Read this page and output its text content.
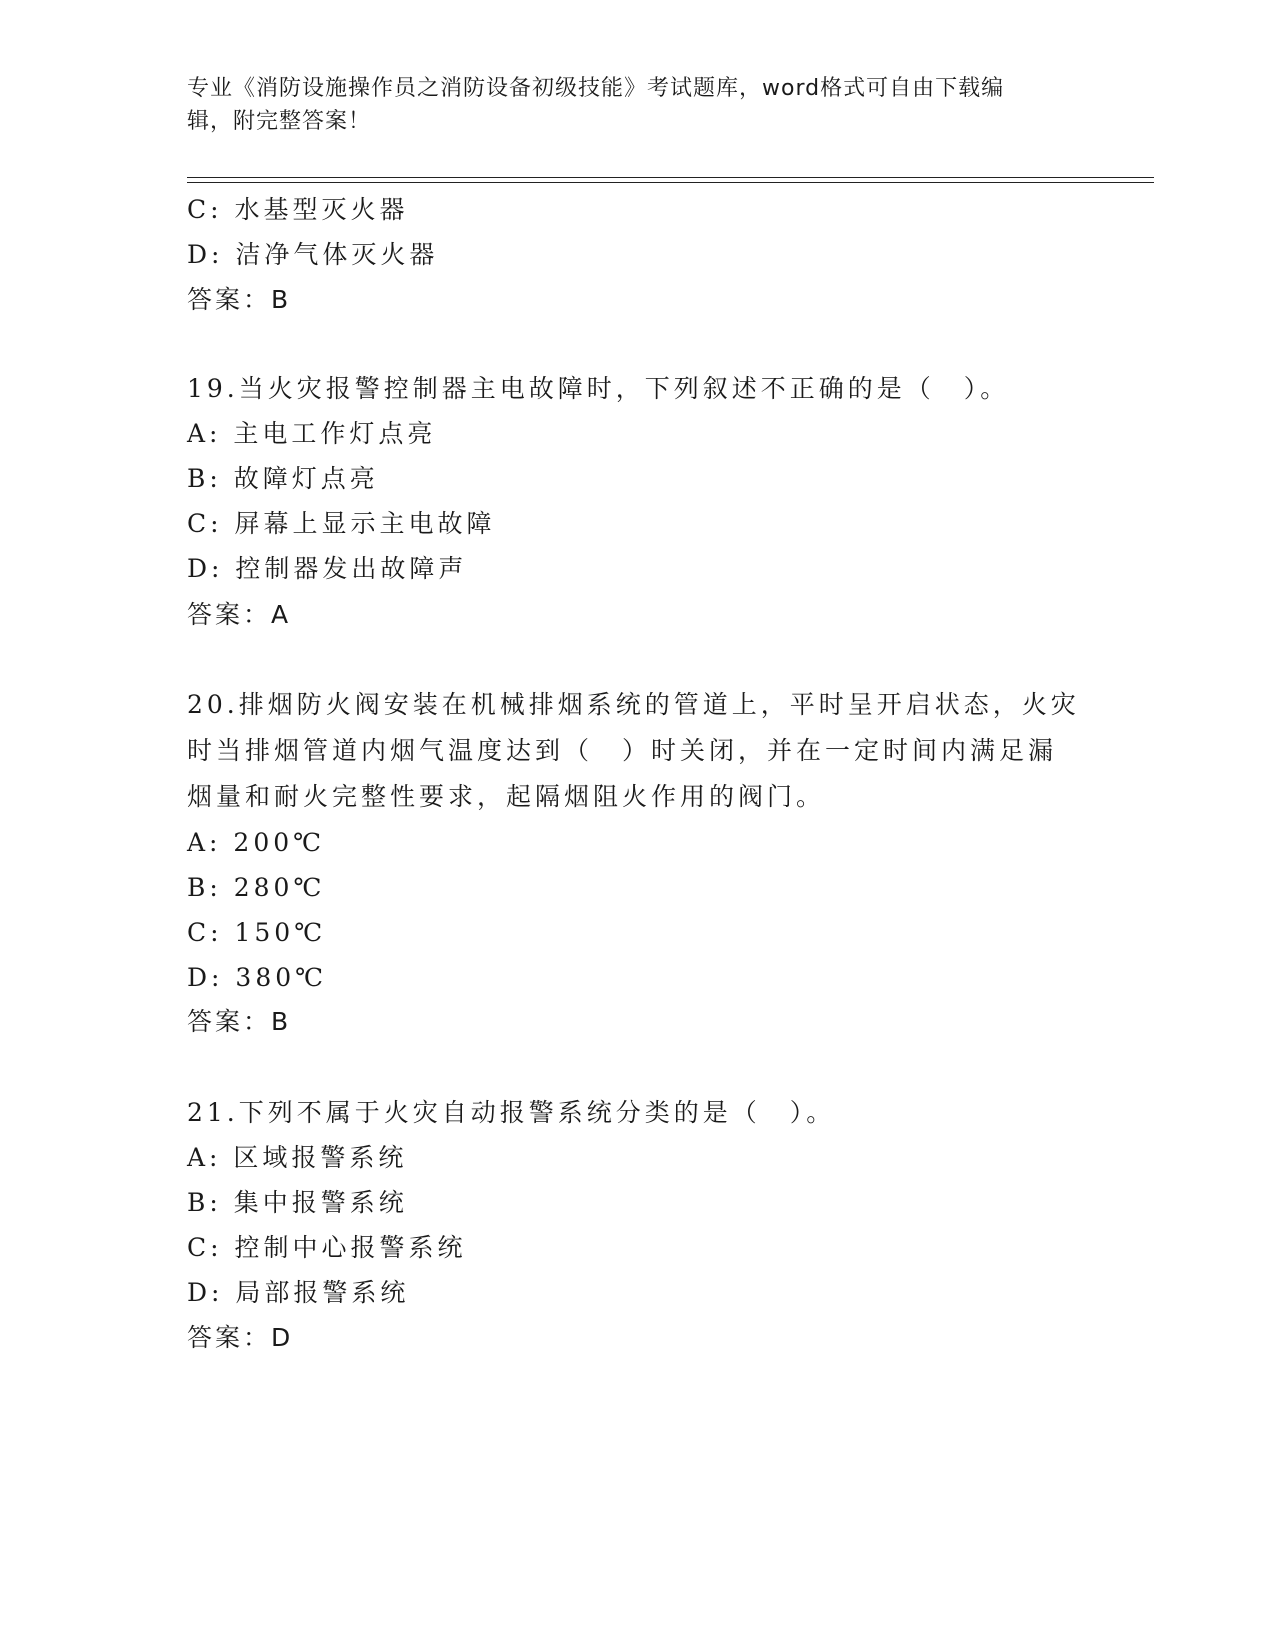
专业《消防设施操作员之消防设备初级技能》考试题库，word格式可自由下载编
辑，附完整答案！
C: 水基型灭火器
D: 洁净气体灭火器
答案：B
19.当火灾报警控制器主电故障时，下列叙述不正确的是（　）。
A: 主电工作灯点亮
B: 故障灯点亮
C: 屏幕上显示主电故障
D: 控制器发出故障声
答案：A
20.排烟防火阀安装在机械排烟系统的管道上，平时呈开启状态，火灾
时当排烟管道内烟气温度达到（　）时关闭，并在一定时间内满足漏
烟量和耐火完整性要求，起隔烟阻火作用的阀门。
A: 200℃
B: 280℃
C: 150℃
D: 380℃
答案：B
21.下列不属于火灾自动报警系统分类的是（　）。
A: 区域报警系统
B: 集中报警系统
C: 控制中心报警系统
D: 局部报警系统
答案：D
